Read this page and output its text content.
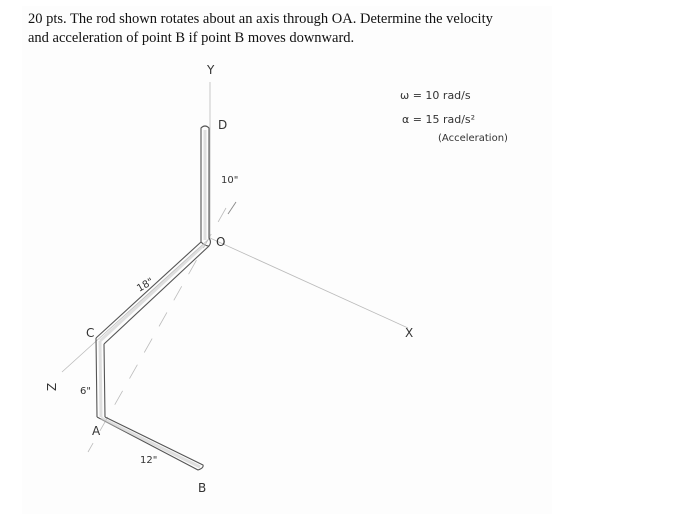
20 pts. The rod shown rotates about an axis through OA. Determine the velocity and acceleration of point B if point B moves downward.

Y
X
Z
D
O
C
A
B
10"
18"
6"
12"
ω = 10 rad/s
α = 15 rad/s²
(Acceleration)
